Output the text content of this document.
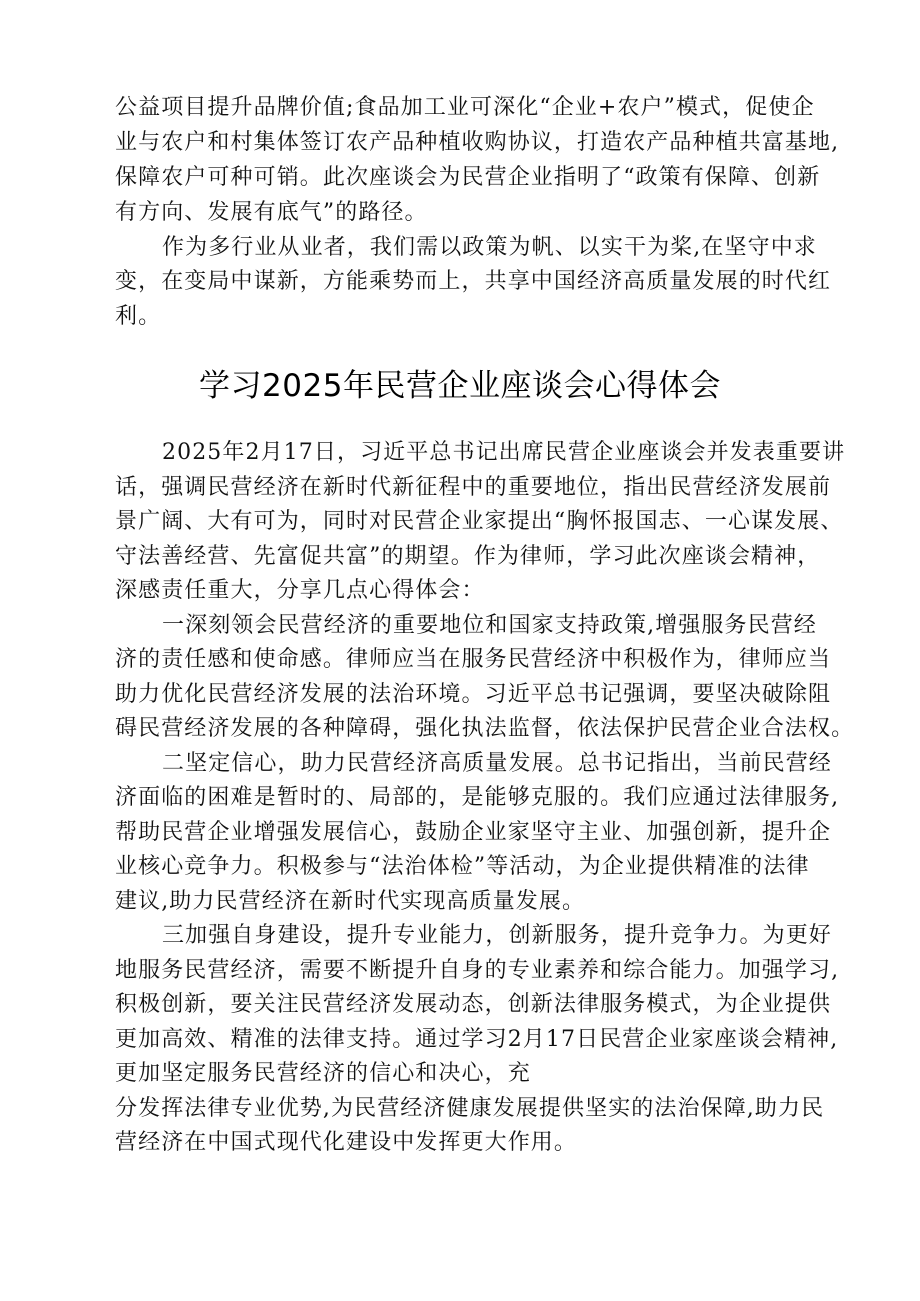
公益项目提升品牌价值;食品加工业可深化“企业+农户”模式，促使企
业与农户和村集体签订农产品种植收购协议，打造农产品种植共富基地,
保障农户可种可销。此次座谈会为民营企业指明了“政策有保障、创新
有方向、发展有底气”的路径。
作为多行业从业者，我们需以政策为帆、以实干为桨,在坚守中求
变，在变局中谋新，方能乘势而上，共享中国经济高质量发展的时代红
利。
学习2025年民营企业座谈会心得体会
2025年2月17日，习近平总书记出席民营企业座谈会并发表重要讲
话，强调民营经济在新时代新征程中的重要地位，指出民营经济发展前
景广阔、大有可为，同时对民营企业家提出“胸怀报国志、一心谋发展、
守法善经营、先富促共富”的期望。作为律师，学习此次座谈会精神，
深感责任重大，分享几点心得体会：
一深刻领会民营经济的重要地位和国家支持政策,增强服务民营经
济的责任感和使命感。律师应当在服务民营经济中积极作为，律师应当
助力优化民营经济发展的法治环境。习近平总书记强调，要坚决破除阻
碍民营经济发展的各种障碍，强化执法监督，依法保护民营企业合法权。
二坚定信心，助力民营经济高质量发展。总书记指出，当前民营经
济面临的困难是暂时的、局部的，是能够克服的。我们应通过法律服务,
帮助民营企业增强发展信心，鼓励企业家坚守主业、加强创新，提升企
业核心竞争力。积极参与“法治体检”等活动，为企业提供精准的法律
建议,助力民营经济在新时代实现高质量发展。
三加强自身建设，提升专业能力，创新服务，提升竞争力。为更好
地服务民营经济，需要不断提升自身的专业素养和综合能力。加强学习,
积极创新，要关注民营经济发展动态，创新法律服务模式，为企业提供
更加高效、精准的法律支持。通过学习2月17日民营企业家座谈会精神,
更加坚定服务民营经济的信心和决心，充
分发挥法律专业优势,为民营经济健康发展提供坚实的法治保障,助力民
营经济在中国式现代化建设中发挥更大作用。
